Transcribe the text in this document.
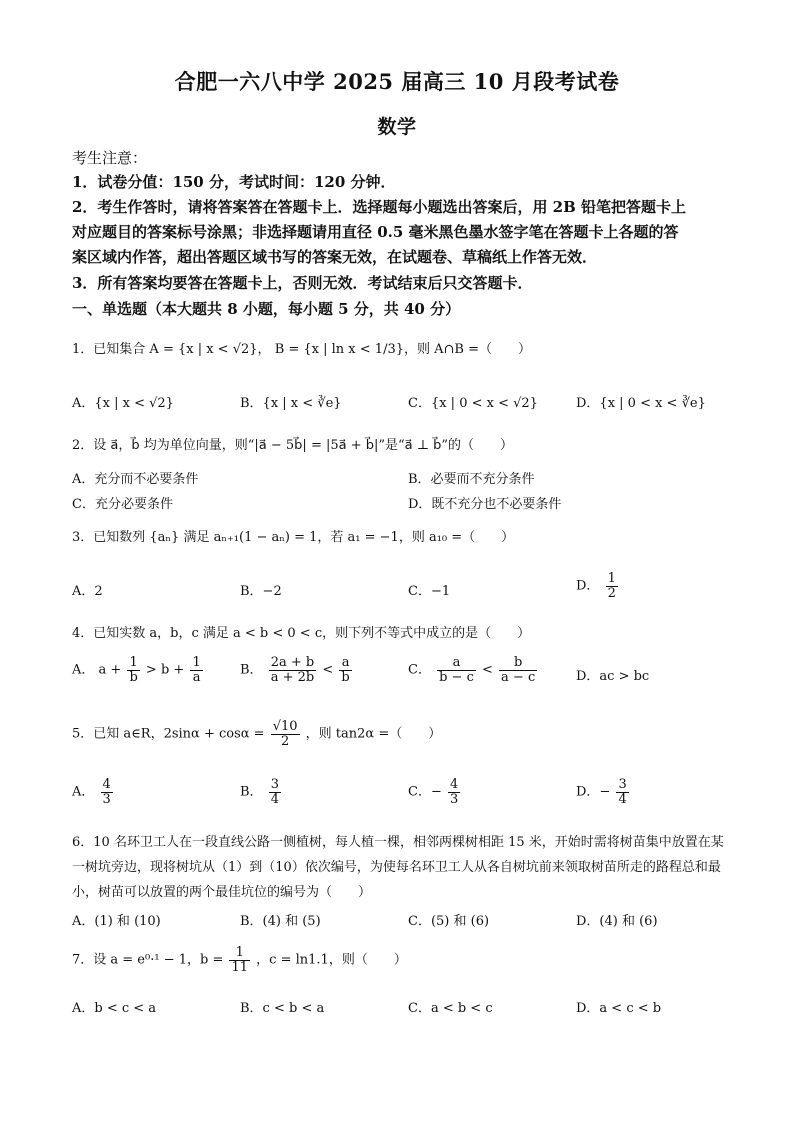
合肥一六八中学 2025 届高三 10 月段考试卷
数学
考生注意：
1．试卷分值：150 分，考试时间：120 分钟．
2．考生作答时，请将答案答在答题卡上．选择题每小题选出答案后，用 2B 铅笔把答题卡上
对应题目的答案标号涂黑；非选择题请用直径 0.5 毫米黑色墨水签字笔在答题卡上各题的答
案区域内作答，超出答题区域书写的答案无效，在试题卷、草稿纸上作答无效．
3．所有答案均要答在答题卡上，否则无效．考试结束后只交答题卡．
一、单选题（本大题共 8 小题，每小题 5 分，共 40 分）
1．已知集合 A = {x | x < √2}， B = {x | ln x < 1/3}，则 A∩B =（　　）
A．{x | x < √2}	B．{x | x < ∛e}	C．{x | 0 < x < √2}	D．{x | 0 < x < ∛e}
2．设 a⃗，b⃗ 均为单位向量，则“|a⃗ − 5b⃗| = |5a⃗ + b⃗|”是“a⃗ ⊥ b⃗”的（　　）
A．充分而不必要条件	B．必要而不充分条件
C．充分必要条件	D．既不充分也不必要条件
3．已知数列 {aₙ} 满足 aₙ₊₁(1 − aₙ) = 1，若 a₁ = −1，则 a₁₀ =（　　）
A．2	B．−2	C．−1	D． $\frac{1}{2}$
4．已知实数 a，b，c 满足 a < b < 0 < c，则下列不等式中成立的是（　　）
A． $a + \frac{1}{b} > b + \frac{1}{a}$	B． $\frac{2a + b}{a + 2b} < \frac{a}{b}$	C． $\frac{a}{b - c} < \frac{b}{a - c}$	D．ac > bc
5．已知 a∈R，$2\sin\alpha + \cos\alpha = \frac{√10}{2}$ ，则 tan2α =（　　）
A． $\frac{4}{3}$	B． $\frac{3}{4}$	C．− $\frac{4}{3}$	D．− $\frac{3}{4}$
6．10 名环卫工人在一段直线公路一侧植树，每人植一棵，相邻两棵树相距 15 米，开始时需将树苗集中放置在某一树坑旁边，现将树坑从（1）到（10）依次编号，为使每名环卫工人从各自树坑前来领取树苗所走的路程总和最小，树苗可以放置的两个最佳坑位的编号为（　　）
A．(1) 和 (10)	B．(4) 和 (5)	C．(5) 和 (6)	D．(4) 和 (6)
7．设 a = e⁰·¹ − 1，$b = \frac{1}{11}$ ，c = ln1.1，则（　　）
A．b < c < a	B．c < b < a	C．a < b < c	D．a < c < b
